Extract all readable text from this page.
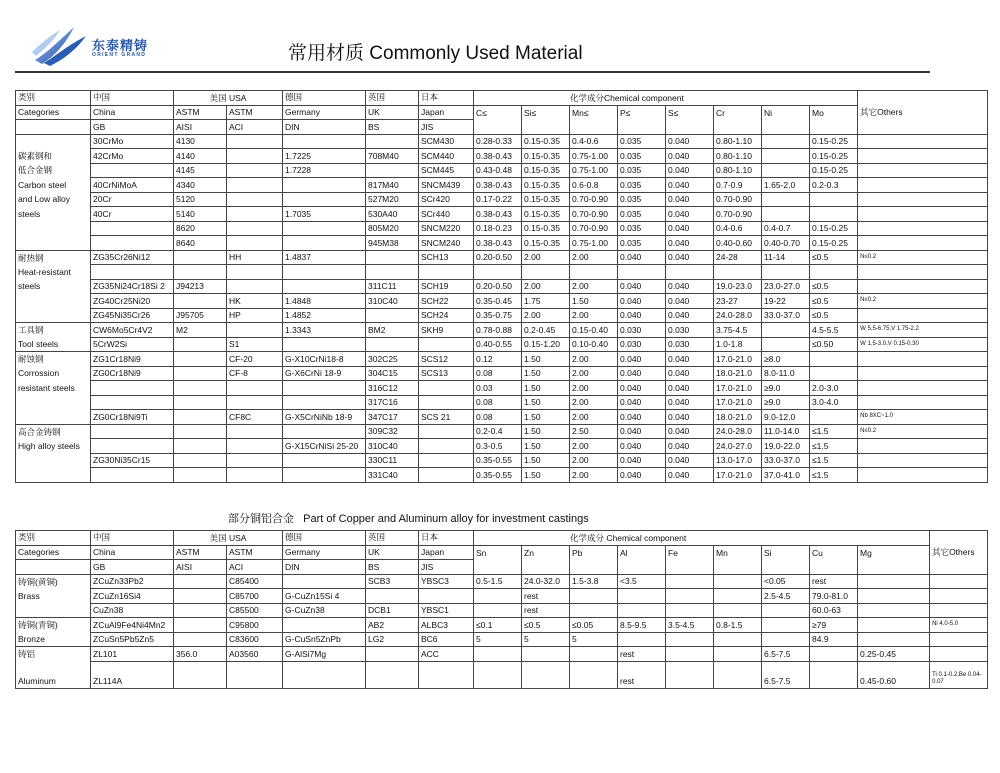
东泰精铸
ORIENT GRAND	常用材质 Commonly Used Material
类别	中国	美国 USA		德国	英国	日本	化学成分Chemical component								其它Others
Categories	China	ASTM	ASTM	Germany	UK	Japan	C≤	Si≤	Mn≤	P≤	S≤	Cr	Ni	Mo	
	GB	AISI	ACI	DIN	BS	JIS									
	30CrMo	4130				SCM430	0.28-0.33	0.15-0.35	0.4-0.6	0.035	0.040	0.80-1.10		0.15-0.25	
碳素钢和	42CrMo	4140		1.7225	708M40	SCM440	0.38-0.43	0.15-0.35	0.75-1.00	0.035	0.040	0.80-1.10		0.15-0.25	
低合金钢		4145		1.7228		SCM445	0.43-0.48	0.15-0.35	0.75-1.00	0.035	0.040	0.80-1.10		0.15-0.25	
Carbon steel	40CrNiMoA	4340			817M40	SNCM439	0.38-0.43	0.15-0.35	0.6-0.8	0.035	0.040	0.7-0.9	1.65-2.0	0.2-0.3	
and Low alloy	20Cr	5120			527M20	SCr420	0.17-0.22	0.15-0.35	0.70-0.90	0.035	0.040	0.70-0.90			
steels	40Cr	5140		1.7035	530A40	SCr440	0.38-0.43	0.15-0.35	0.70-0.90	0.035	0.040	0.70-0.90			
		8620			805M20	SNCM220	0.18-0.23	0.15-0.35	0.70-0.90	0.035	0.040	0.4-0.6	0.4-0.7	0.15-0.25	
		8640			945M38	SNCM240	0.38-0.43	0.15-0.35	0.75-1.00	0.035	0.040	0.40-0.60	0.40-0.70	0.15-0.25	
耐热钢	ZG35Cr26Ni12		HH	1.4837		SCH13	0.20-0.50	2.00	2.00	0.040	0.040	24-28	11-14	≤0.5	N≤0.2
Heat-resistant															
steels	ZG35Ni24Cr18Si 2	J94213			311C11	SCH19	0.20-0.50	2.00	2.00	0.040	0.040	19.0-23.0	23.0-27.0	≤0.5	
	ZG40Cr25Ni20		HK	1.4848	310C40	SCH22	0.35-0.45	1.75	1.50	0.040	0.040	23-27	19-22	≤0.5	N≤0.2
	ZG45Ni35Cr26	J95705	HP	1.4852		SCH24	0.35-0.75	2.00	2.00	0.040	0.040	24.0-28.0	33.0-37.0	≤0.5	
工具钢	CW6Mo5Cr4V2	M2		1.3343	BM2	SKH9	0.78-0.88	0.2-0.45	0.15-0.40	0.030	0.030	3.75-4.5		4.5-5.5	W 5.5-6.75,V 1.75-2.2
Tool steels	5CrW2Si		S1				0.40-0.55	0.15-1.20	0.10-0.40	0.030	0.030	1.0-1.8		≤0.50	W 1.5-3.0,V 0.15-0.30
耐蚀钢	ZG1Cr18Ni9		CF-20	G-X10CrNi18-8	302C25	SCS12	0.12	1.50	2.00	0.040	0.040	17.0-21.0	≥8.0		
Corrossion	ZG0Cr18Ni9		CF-8	G-X6CrNi 18-9	304C15	SCS13	0.08	1.50	2.00	0.040	0.040	18.0-21.0	8.0-11.0		
resistant steels					316C12		0.03	1.50	2.00	0.040	0.040	17.0-21.0	≥9.0	2.0-3.0	
					317C16		0.08	1.50	2.00	0.040	0.040	17.0-21.0	≥9.0	3.0-4.0	
	ZG0Cr18Ni9Ti		CF8C	G-X5CrNiNb 18-9	347C17	SCS 21	0.08	1.50	2.00	0.040	0.040	18.0-21.0	9.0-12.0		Nb 8XC~1.0
高合金铸钢					309C32		0.2-0.4	1.50	2.50	0.040	0.040	24.0-28.0	11.0-14.0	≤1.5	N≤0.2
High alloy steels				G-X15CrNiSi 25-20	310C40		0.3-0.5	1.50	2.00	0.040	0.040	24.0-27.0	19.0-22.0	≤1.5	
	ZG30Ni35Cr15				330C11		0.35-0.55	1.50	2.00	0.040	0.040	13.0-17.0	33.0-37.0	≤1.5	
					331C40		0.35-0.55	1.50	2.00	0.040	0.040	17.0-21.0	37.0-41.0	≤1.5	
部分铜铝合金   Part of Copper and Aluminum alloy for investment castings
类别	中国	美国 USA		德国	英国	日本	化学成分 Chemical component									其它Others
Categories	China	ASTM	ASTM	Germany	UK	Japan	Sn	Zn	Pb	Al	Fe	Mn	Si	Cu	Mg	
	GB	AISI	ACI	DIN	BS	JIS										
铸铜(黄铜)	ZCuZn33Pb2		C85400		SCB3	YBSC3	0.5-1.5	24.0-32.0	1.5-3.8	<3.5			<0.05	rest		
Brass	ZCuZn16Si4		C85700	G-CuZn15Si 4				rest					2.5-4.5	79.0-81.0		
	CuZn38		C85500	G-CuZn38	DCB1	YBSC1		rest						60.0-63		
铸铜(青铜)	ZCuAl9Fe4Ni4Mn2		C95800		AB2	ALBC3	≤0.1	≤0.5	≤0.05	8.5-9.5	3.5-4.5	0.8-1.5		≥79		Ni 4.0-5.0
Bronze	ZCuSn5Pb5Zn5		C83600	G-CuSn5ZnPb	LG2	BC6	5	5	5					84.9		
铸铝	ZL101	356.0	A03560	G-AlSi7Mg		ACC				rest			6.5-7.5		0.25-0.45	
Aluminum	ZL114A									rest			6.5-7.5		0.45-0.60	Ti 0.1-0.2,Be 0.04-0.07
